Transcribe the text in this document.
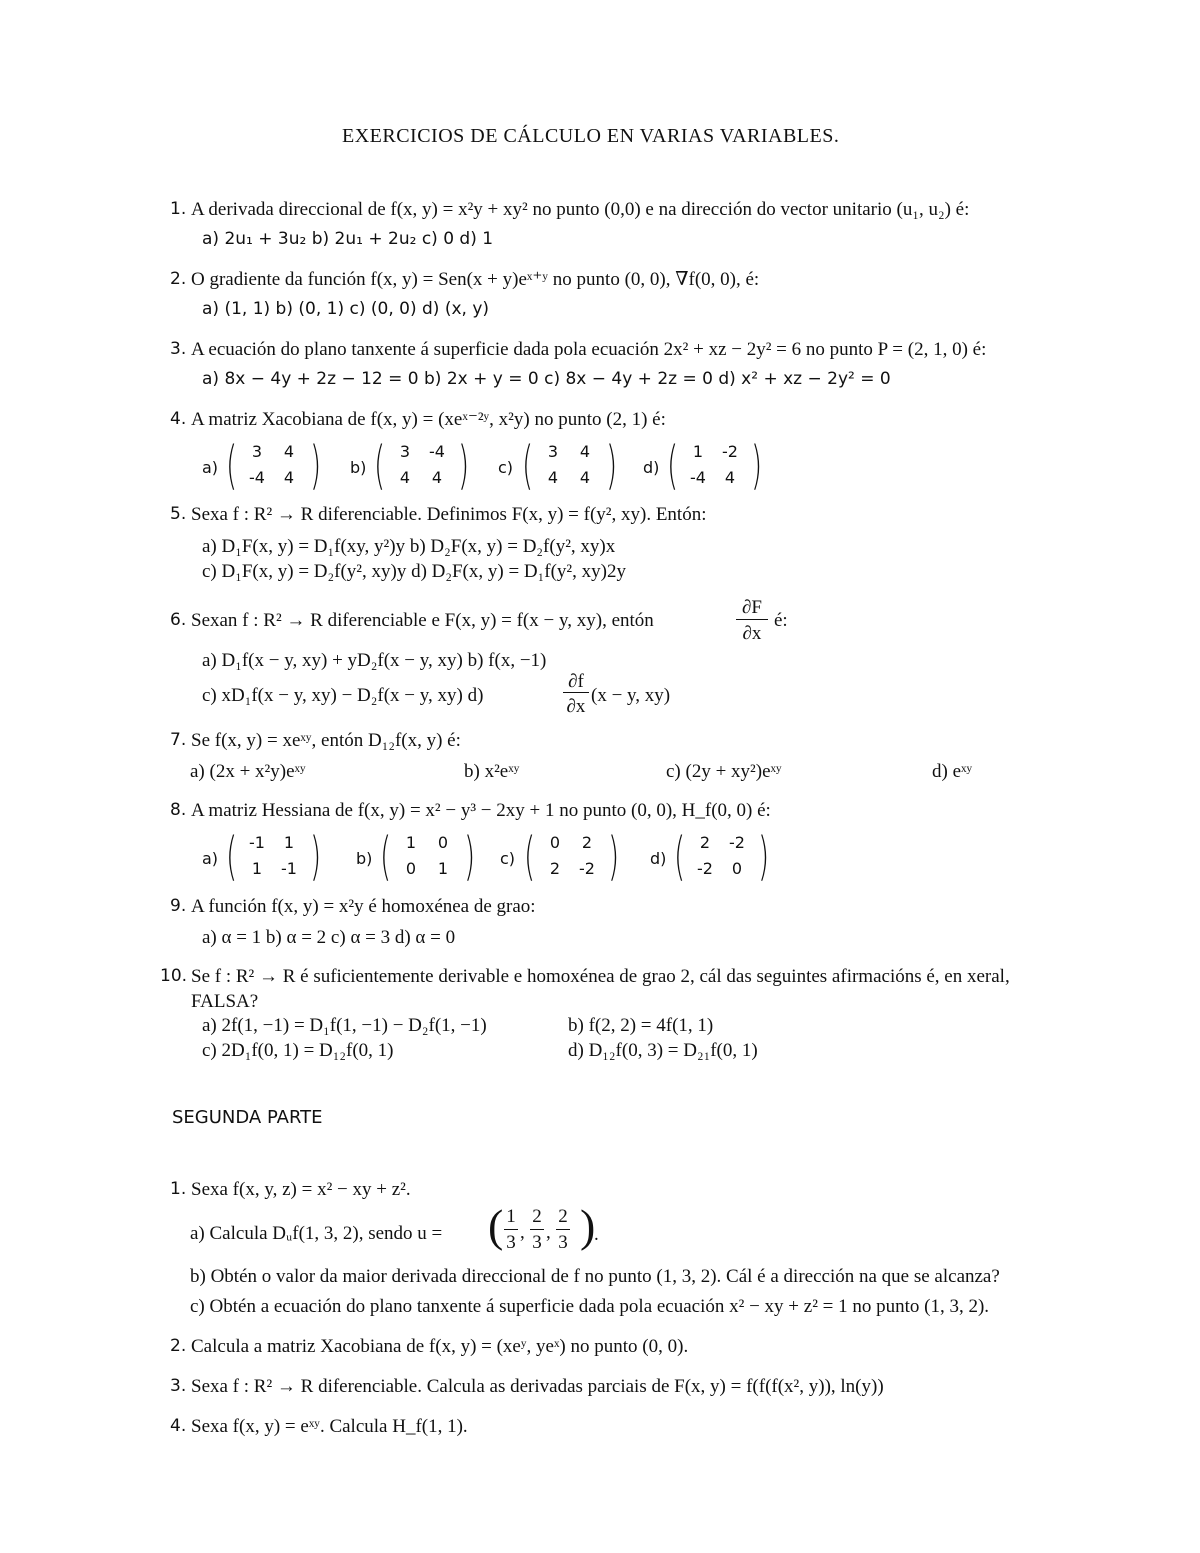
EXERCICIOS DE CÁLCULO EN VARIAS VARIABLES.
1. A derivada direccional de f(x, y) = x²y + xy² no punto (0,0) e na dirección do vector unitario (u₁, u₂) é:
a) 2u₁ + 3u₂ b) 2u₁ + 2u₂ c) 0 d) 1
2. O gradiente da función f(x, y) = Sen(x + y)eˣ⁺ʸ no punto (0, 0), ∇f(0, 0), é:
a) (1, 1) b) (0, 1) c) (0, 0) d) (x, y)
3. A ecuación do plano tanxente á superficie dada pola ecuación 2x² + xz − 2y² = 6 no punto P = (2, 1, 0) é:
a) 8x − 4y + 2z − 12 = 0 b) 2x + y = 0 c) 8x − 4y + 2z = 0 d) x² + xz − 2y² = 0
4. A matriz Xacobiana de f(x, y) = (xeˣ⁻²ʸ, x²y) no punto (2, 1) é:
a) ( 3	4
-4	4 ) b) ( 3	-4
4	4 ) c) ( 3	4
4	4 ) d) ( 1	-2
-4	4 )
5. Sexa f : R² → R diferenciable. Definimos F(x, y) = f(y², xy). Entón:
a) D₁F(x, y) = D₁f(xy, y²)y b) D₂F(x, y) = D₂f(y², xy)x
c) D₁F(x, y) = D₂f(y², xy)y d) D₂F(x, y) = D₁f(y², xy)2y
6. Sexan f : R² → R diferenciable e F(x, y) = f(x − y, xy), entón
∂F
∂x
é:
a) D₁f(x − y, xy) + yD₂f(x − y, xy) b) f(x, −1)
c) xD₁f(x − y, xy) − D₂f(x − y, xy) d)
∂f
∂x
(x − y, xy)
7. Se f(x, y) = xeˣʸ, entón D₁₂f(x, y) é:
a) (2x + x²y)eˣʸ	b) x²eˣʸ	c) (2y + xy²)eˣʸ	d) eˣʸ
8. A matriz Hessiana de f(x, y) = x² − y³ − 2xy + 1 no punto (0, 0), H_f(0, 0) é:
a) ( -1	1
1	-1 ) b) ( 1	0
0	1 ) c) ( 0	2
2	-2 ) d) ( 2	-2
-2	0 )
9. A función f(x, y) = x²y é homoxénea de grao:
a) α = 1 b) α = 2 c) α = 3 d) α = 0
10. Se f : R² → R é suficientemente derivable e homoxénea de grao 2, cál das seguintes afirmacións é, en xeral,
FALSA?
a) 2f(1, −1) = D₁f(1, −1) − D₂f(1, −1)	b) f(2, 2) = 4f(1, 1)
c) 2D₁f(0, 1) = D₁₂f(0, 1)	d) D₁₂f(0, 3) = D₂₁f(0, 1)
SEGUNDA PARTE
1. Sexa f(x, y, z) = x² − xy + z².
a) Calcula Dᵤf(1, 3, 2), sendo u = ( 1
3 ,
2
3 ,
2
3 )
.
b) Obtén o valor da maior derivada direccional de f no punto (1, 3, 2). Cál é a dirección na que se alcanza?
c) Obtén a ecuación do plano tanxente á superficie dada pola ecuación x² − xy + z² = 1 no punto (1, 3, 2).
2. Calcula a matriz Xacobiana de f(x, y) = (xeʸ, yeˣ) no punto (0, 0).
3. Sexa f : R² → R diferenciable. Calcula as derivadas parciais de F(x, y) = f(f(f(x², y)), ln(y))
4. Sexa f(x, y) = eˣʸ. Calcula H_f(1, 1).
